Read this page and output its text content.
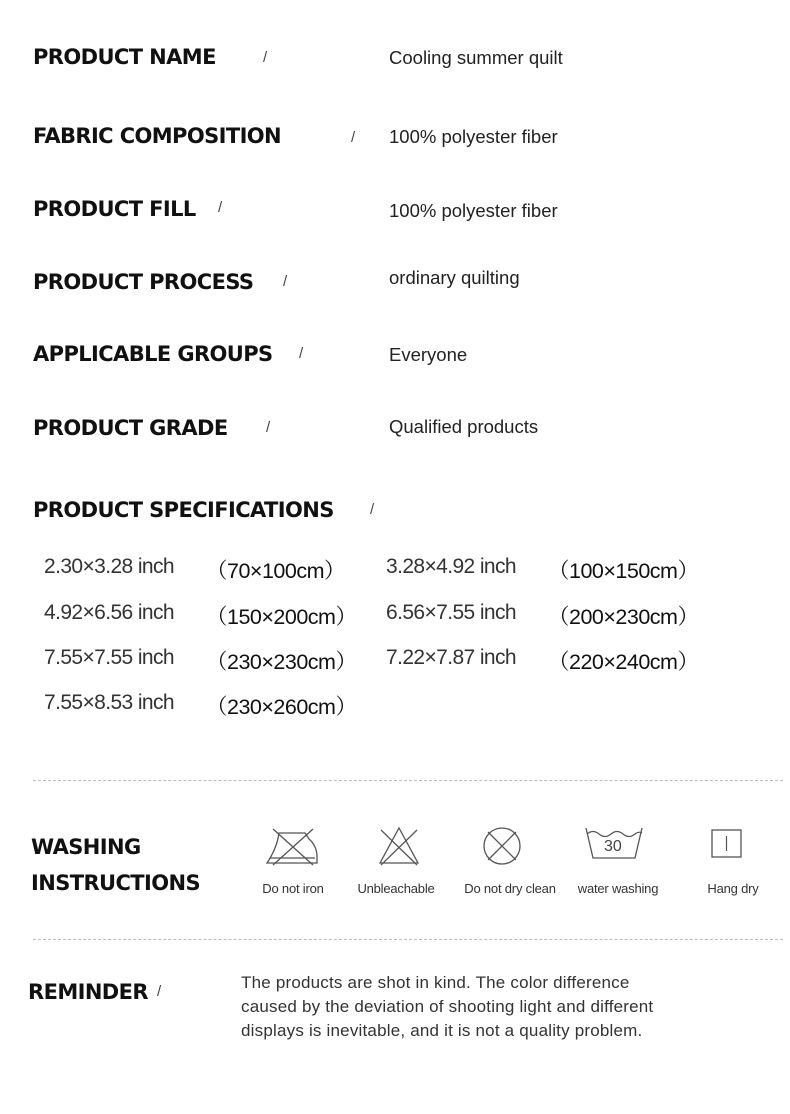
PRODUCT NAME	/	Cooling summer quilt
FABRIC COMPOSITION	/ 100% polyester fiber
PRODUCT FILL /	100% polyester fiber
PRODUCT PROCESS /	ordinary quilting
APPLICABLE GROUPS /	Everyone
PRODUCT GRADE	/	Qualified products
PRODUCT SPECIFICATIONS /
2.30×3.28 inch （70×100cm） 3.28×4.92 inch （100×150cm）
4.92×6.56 inch （150×200cm） 6.56×7.55 inch （200×230cm）
7.55×7.55 inch （230×230cm） 7.22×7.87 inch （220×240cm）
7.55×8.53 inch （230×260cm）
WASHING
INSTRUCTIONS	Do not iron	Unbleachable	Do not dry clean
30
water washing	Hang dry
REMINDER /	The products are shot in kind. The color difference
caused by the deviation of shooting light and different
displays is inevitable, and it is not a quality problem.
